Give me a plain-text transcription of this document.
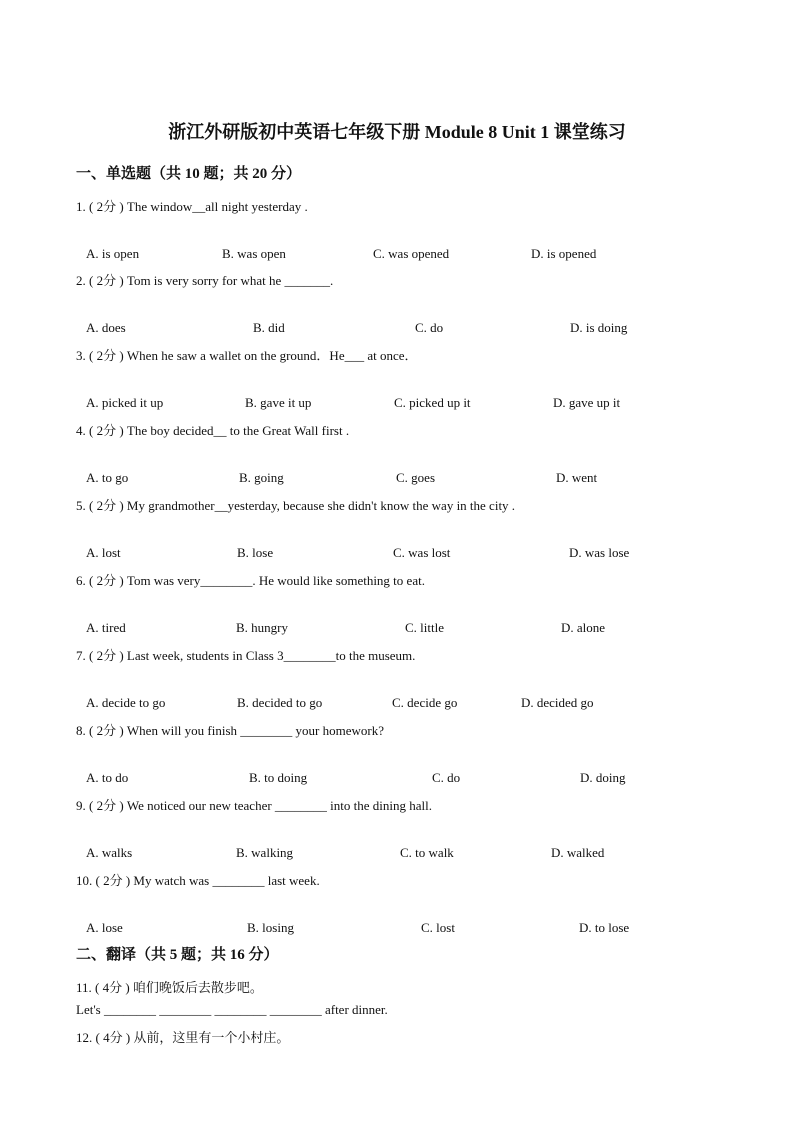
浙江外研版初中英语七年级下册 Module 8 Unit 1 课堂练习
一、单选题（共 10 题；共 20 分）
1. ( 2分 ) The window__all night yesterday .
A. is open	B. was open	C. was opened	D. is opened
2. ( 2分 ) Tom is very sorry for what he _______.
A. does	B. did	C. do	D. is doing
3. ( 2分 ) When he saw a wallet on the ground．He___ at once．
A. picked it up	B. gave it up	C. picked up it	D. gave up it
4. ( 2分 ) The boy decided__ to the Great Wall first .
A. to go	B. going	C. goes	D. went
5. ( 2分 ) My grandmother__yesterday, because she didn't know the way in the city .
A. lost	B. lose	C. was lost	D. was lose
6. ( 2分 ) Tom was very________. He would like something to eat.
A. tired	B. hungry	C. little	D. alone
7. ( 2分 ) Last week, students in Class 3________to the museum.
A. decide to go	B. decided to go	C. decide go	D. decided go
8. ( 2分 ) When will you finish ________ your homework?
A. to do	B. to doing	C. do	D. doing
9. ( 2分 ) We noticed our new teacher ________ into the dining hall.
A. walks	B. walking	C. to walk	D. walked
10. ( 2分 ) My watch was ________ last week.
A. lose	B. losing	C. lost	D. to lose
二、翻译（共 5 题；共 16 分）
11. ( 4分 ) 咱们晚饭后去散步吧。
Let's ________ ________ ________ ________ after dinner.
12. ( 4分 ) 从前，这里有一个小村庄。
